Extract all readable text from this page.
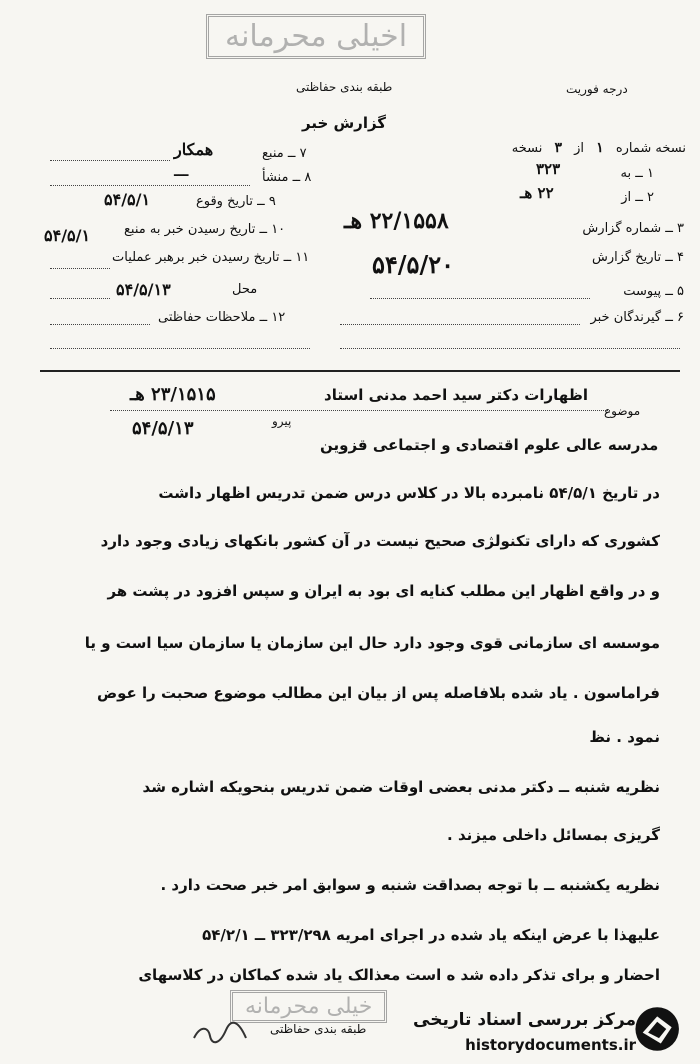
اخیلی محرمانه
طبقه بندی حفاظتی	درجه فوریت
گزارش خبر
نسخه شماره ۱ از ۳ نسخه
۱ ــ به
۳۲۳
۲ ــ از
۲۲ هـ
۳ ــ شماره گزارش
۲۲/۱۵۵۸ هـ
۴ ــ تاریخ گزارش
۵۴/۵/۲۰
۵ ــ پیوست
۶ ــ گیرندگان خبر
۷ ــ منبع
همکار
۸ ــ منشأ
ـــ
۹ ــ تاریخ وقوع
۵۴/۵/۱
۱۰ ــ تاریخ رسیدن خبر به منبع
۵۴/۵/۱
۱۱ ــ تاریخ رسیدن خبر برهبر عملیات
محل
۵۴/۵/۱۳
۱۲ ــ ملاحظات حفاظتی
موضوع
اظهارات دکتر سید احمد مدنی استاد
۲۳/۱۵۱۵ هـ
پیرو
۵۴/۵/۱۳
مدرسه عالی علوم اقتصادی و اجتماعی قزوین
در تاریخ ۵۴/۵/۱ نامبرده بالا در کلاس درس ضمن تدریس اظهار داشت
کشوری که دارای تکنولژی صحیح نیست در آن کشور بانکهای زیادی وجود دارد
و در واقع اظهار این مطلب کنایه ای بود به ایران و سپس افزود در پشت هر
موسسه ای سازمانی قوی وجود دارد حال این سازمان یا سازمان سیا است و یا
فراماسون . یاد شده بلافاصله پس از بیان این مطالب موضوع صحبت را عوض
نمود . نظ
نظریه شنبه ــ دکتر مدنی بعضی اوقات ضمن تدریس بنحویکه اشاره شد
گریزی بمسائل داخلی میزند .
نظریه یکشنبه ــ با توجه بصداقت شنبه و سوابق امر خبر صحت دارد .
علیهذا با عرض اینکه یاد شده در اجرای امریه ۳۲۳/۲۹۸ ــ ۵۴/۲/۱
احضار و برای تذکر داده شد ه است معذالک یاد شده کماکان در کلاسهای
خیلی محرمانه
طبقه بندی حفاظتی	مرکز بررسی اسناد تاریخی
historydocuments.ir
